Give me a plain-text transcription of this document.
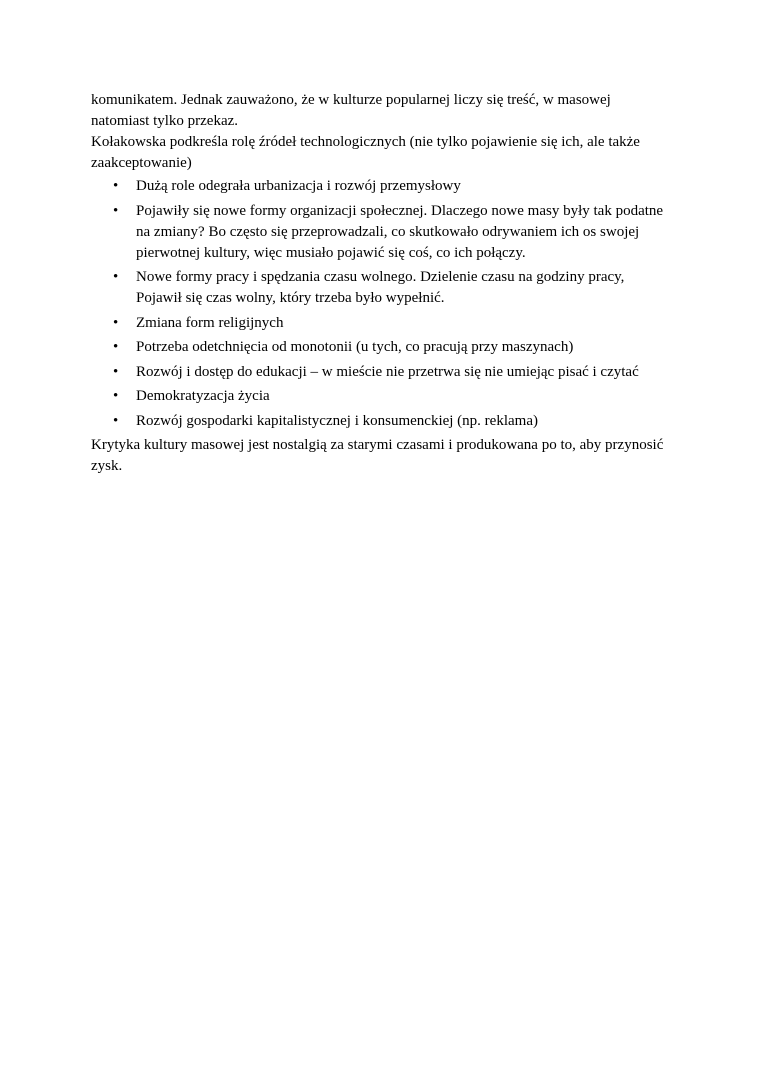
komunikatem. Jednak zauważono, że w kulturze popularnej liczy się treść, w masowej natomiast tylko przekaz.

Kołakowska podkreśla rolę źródeł technologicznych (nie tylko pojawienie się ich, ale także zaakceptowanie)

•	Dużą role odegrała urbanizacja i rozwój przemysłowy
•	Pojawiły się nowe formy organizacji społecznej. Dlaczego nowe masy były tak podatne na zmiany? Bo często się przeprowadzali, co skutkowało odrywaniem ich os swojej pierwotnej kultury, więc musiało pojawić się coś, co ich połączy.
•	Nowe formy pracy i spędzania czasu wolnego. Dzielenie czasu na godziny pracy, Pojawił się czas wolny, który trzeba było wypełnić.
•	Zmiana form religijnych
•	Potrzeba odetchnięcia od monotonii (u tych, co pracują przy maszynach)
•	Rozwój i dostęp do edukacji – w mieście nie przetrwa się nie umiejąc pisać i czytać
•	Demokratyzacja życia
•	Rozwój gospodarki kapitalistycznej i konsumenckiej (np. reklama)

Krytyka kultury masowej jest nostalgią za starymi czasami i produkowana po to, aby przynosić zysk.
